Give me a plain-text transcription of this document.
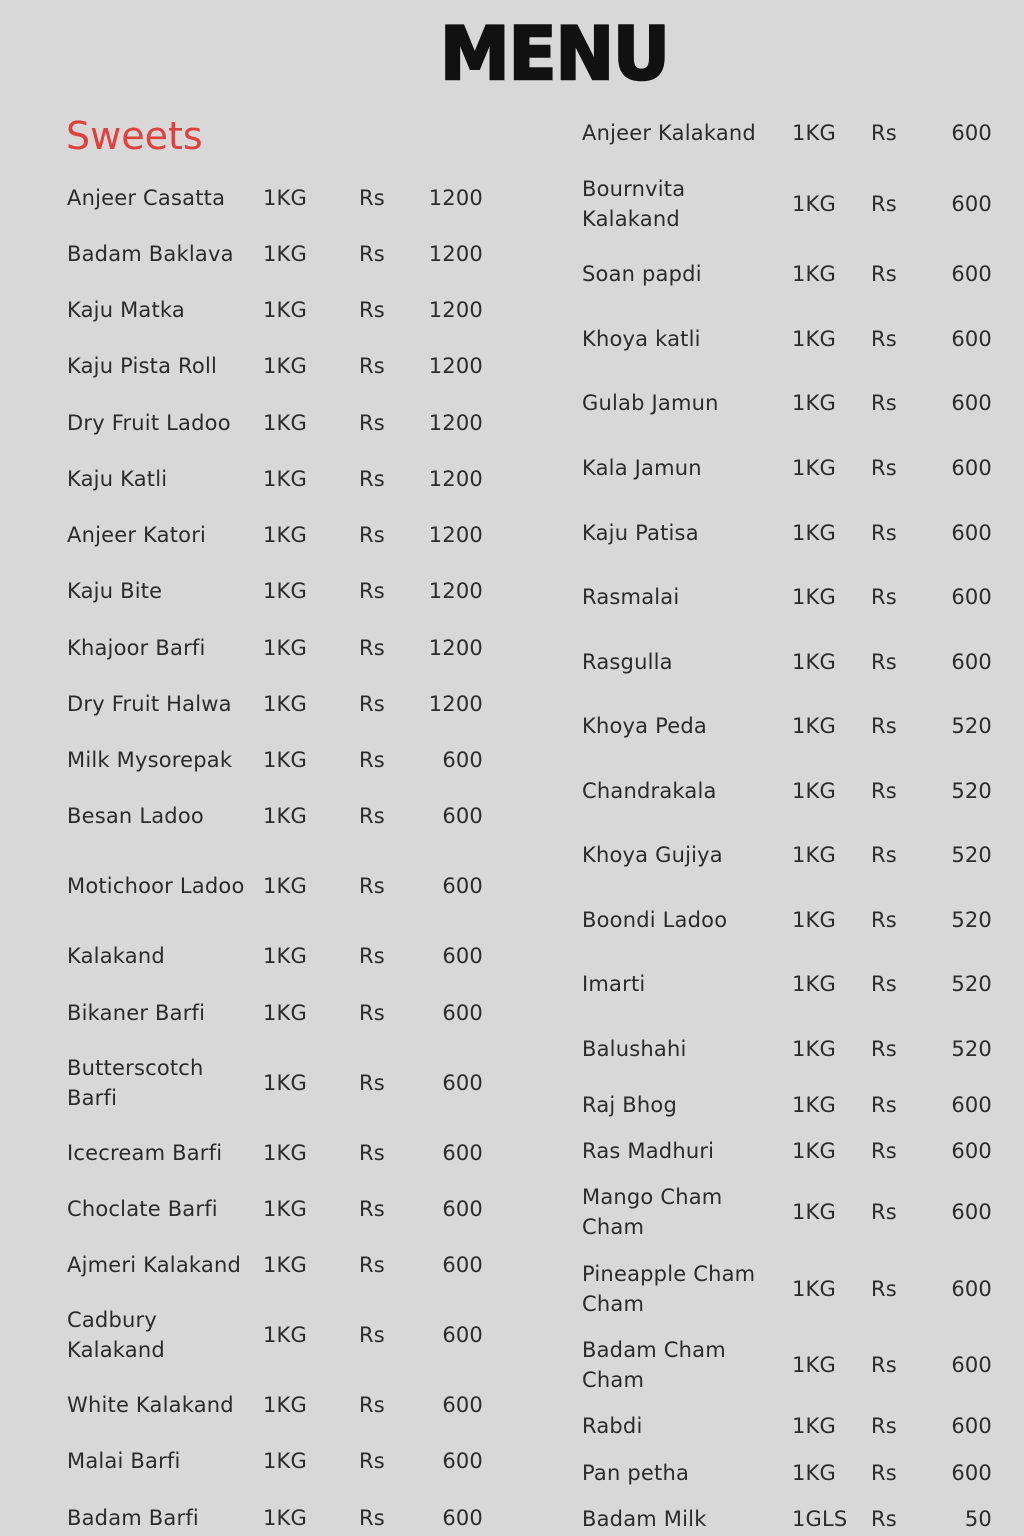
MENU
Sweets
Anjeer Casatta	1KG Rs	1200
Badam Baklava	1KG Rs	1200
Kaju Matka	1KG Rs	1200
Kaju Pista Roll	1KG Rs	1200
Dry Fruit Ladoo	1KG Rs	1200
Kaju Katli	1KG Rs	1200
Anjeer Katori	1KG Rs	1200
Kaju Bite	1KG Rs	1200
Khajoor Barfi	1KG Rs	1200
Dry Fruit Halwa	1KG Rs	1200
Milk Mysorepak	1KG Rs	600
Besan Ladoo	1KG Rs	600
Motichoor Ladoo 1KG Rs	600
Kalakand	1KG Rs	600
Bikaner Barfi	1KG Rs	600
Butterscotch Barfi
1KG Rs	600
Icecream Barfi	1KG Rs	600
Choclate Barfi	1KG Rs	600
Ajmeri Kalakand	1KG Rs	600
Cadbury Kalakand
1KG Rs	600
White Kalakand	1KG Rs	600
Malai Barfi	1KG Rs	600
Badam Barfi	1KG Rs	600
Anjeer Kalakand	1KG Rs	600
Bournvita Kalakand
1KG Rs	600
Soan papdi	1KG Rs	600
Khoya katli	1KG Rs	600
Gulab Jamun	1KG Rs	600
Kala Jamun	1KG Rs	600
Kaju Patisa	1KG Rs	600
Rasmalai	1KG Rs	600
Rasgulla	1KG Rs	600
Khoya Peda	1KG Rs	520
Chandrakala	1KG Rs	520
Khoya Gujiya	1KG Rs	520
Boondi Ladoo	1KG Rs	520
Imarti	1KG Rs	520
Balushahi	1KG Rs	520
Raj Bhog	1KG Rs	600
Ras Madhuri	1KG Rs	600
Mango Cham Cham
1KG Rs	600
Pineapple Cham Cham
1KG Rs	600
Badam Cham Cham
1KG Rs	600
Rabdi	1KG Rs	600
Pan petha	1KG Rs	600
Badam Milk	1GLS Rs	50
